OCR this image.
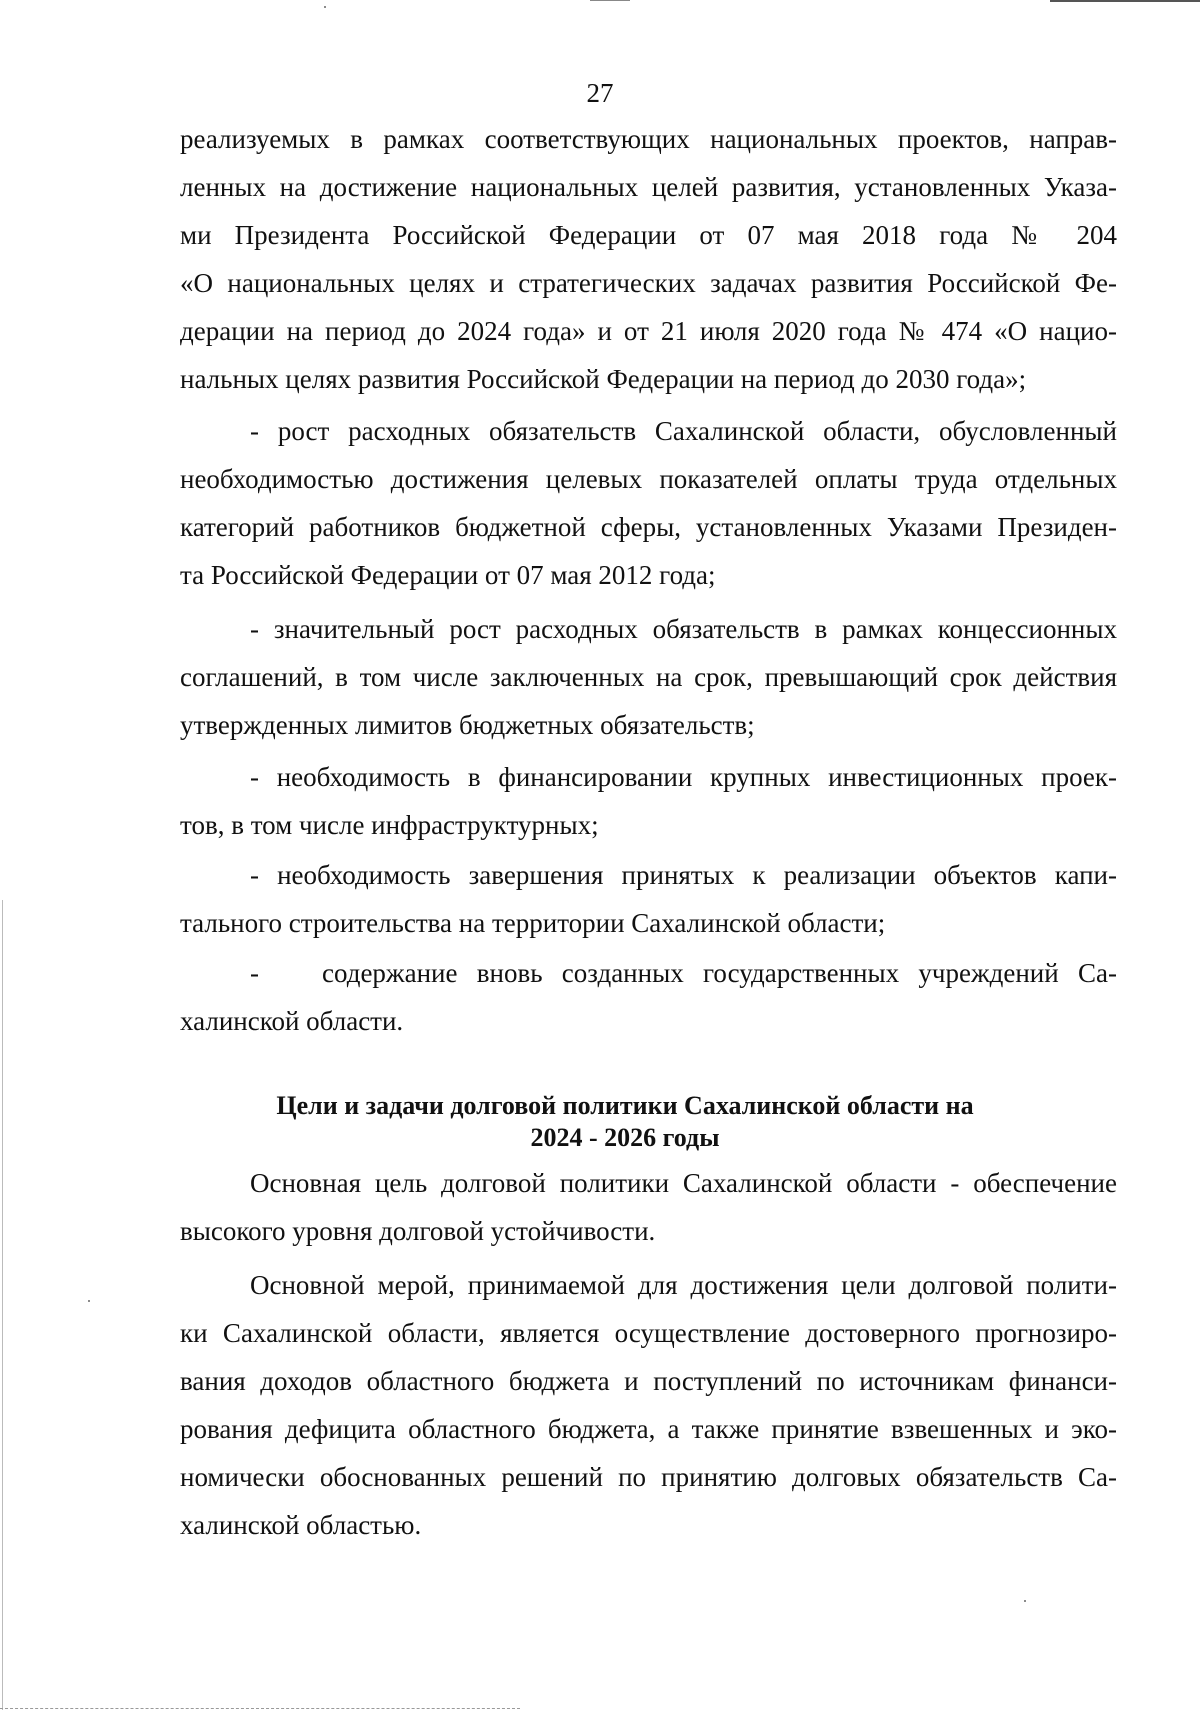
27

реализуемых в рамках соответствующих национальных проектов, направ-

ленных на достижение национальных целей развития, установленных Указа-

ми Президента Российской Федерации от 07 мая 2018 года № 204

«О национальных целях и стратегических задачах развития Российской Фе-

дерации на период до 2024 года» и от 21 июля 2020 года № 474 «О нацио-

нальных целях развития Российской Федерации на период до 2030 года»;

- рост расходных обязательств Сахалинской области, обусловленный

необходимостью достижения целевых показателей оплаты труда отдельных

категорий работников бюджетной сферы, установленных Указами Президен-

та Российской Федерации от 07 мая 2012 года;

- значительный рост расходных обязательств в рамках концессионных

соглашений, в том числе заключенных на срок, превышающий срок действия

утвержденных лимитов бюджетных обязательств;

- необходимость в финансировании крупных инвестиционных проек-

тов, в том числе инфраструктурных;

- необходимость завершения принятых к реализации объектов капи-

тального строительства на территории Сахалинской области;

- содержание вновь созданных государственных учреждений Са-

халинской области.

Цели и задачи долговой политики Сахалинской области на

2024 - 2026 годы

Основная цель долговой политики Сахалинской области - обеспечение

высокого уровня долговой устойчивости.

Основной мерой, принимаемой для достижения цели долговой полити-

ки Сахалинской области, является осуществление достоверного прогнозиро-

вания доходов областного бюджета и поступлений по источникам финанси-

рования дефицита областного бюджета, а также принятие взвешенных и эко-

номически обоснованных решений по принятию долговых обязательств Са-

халинской областью.
